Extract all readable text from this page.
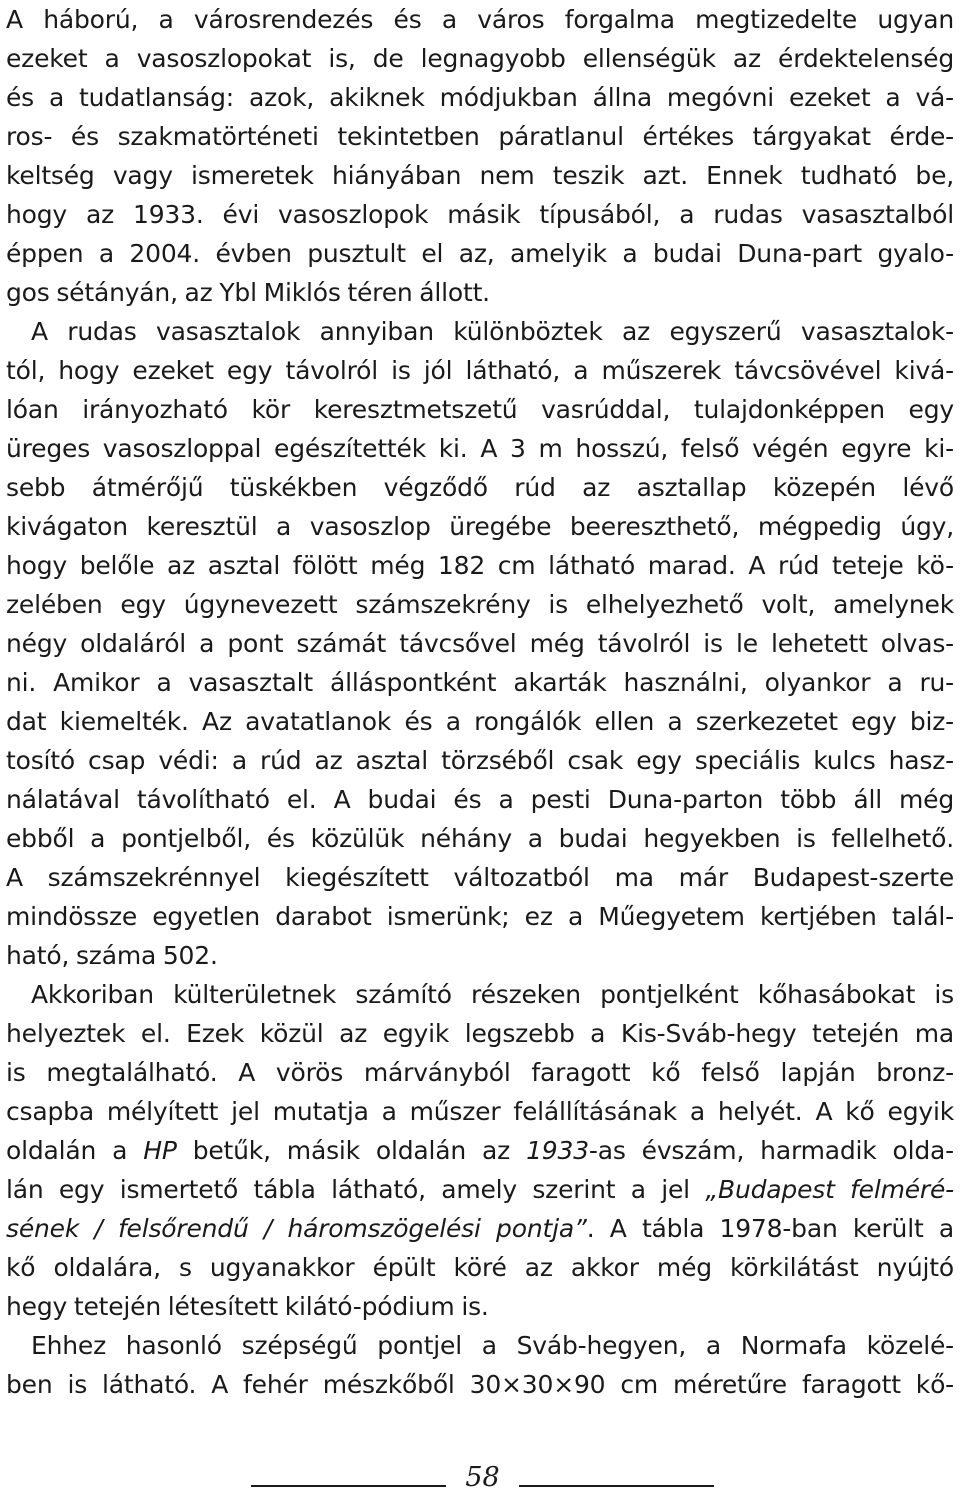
A háború, a városrendezés és a város forgalma megtizedelte ugyan
ezeket a vasoszlopokat is, de legnagyobb ellenségük az érdektelenség
és a tudatlanság: azok, akiknek módjukban állna megóvni ezeket a vá-
ros- és szakmatörténeti tekintetben páratlanul értékes tárgyakat érde-
keltség vagy ismeretek hiányában nem teszik azt. Ennek tudható be,
hogy az 1933. évi vasoszlopok másik típusából, a rudas vasasztalból
éppen a 2004. évben pusztult el az, amelyik a budai Duna-part gyalo-
gos sétányán, az Ybl Miklós téren állott.
A rudas vasasztalok annyiban különböztek az egyszerű vasasztalok-
tól, hogy ezeket egy távolról is jól látható, a műszerek távcsövével kivá-
lóan irányozható kör keresztmetszetű vasrúddal, tulajdonképpen egy
üreges vasoszloppal egészítették ki. A 3 m hosszú, felső végén egyre ki-
sebb átmérőjű tüskékben végződő rúd az asztallap közepén lévő
kivágaton keresztül a vasoszlop üregébe beereszthető, mégpedig úgy,
hogy belőle az asztal fölött még 182 cm látható marad. A rúd teteje kö-
zelében egy úgynevezett számszekrény is elhelyezhető volt, amelynek
négy oldaláról a pont számát távcsővel még távolról is le lehetett olvas-
ni. Amikor a vasasztalt álláspontként akarták használni, olyankor a ru-
dat kiemelték. Az avatatlanok és a rongálók ellen a szerkezetet egy biz-
tosító csap védi: a rúd az asztal törzséből csak egy speciális kulcs hasz-
nálatával távolítható el. A budai és a pesti Duna-parton több áll még
ebből a pontjelből, és közülük néhány a budai hegyekben is fellelhető.
A számszekrénnyel kiegészített változatból ma már Budapest-szerte
mindössze egyetlen darabot ismerünk; ez a Műegyetem kertjében talál-
ható, száma 502.
Akkoriban külterületnek számító részeken pontjelként kőhasábokat is
helyeztek el. Ezek közül az egyik legszebb a Kis-Sváb-hegy tetején ma
is megtalálható. A vörös márványból faragott kő felső lapján bronz-
csapba mélyített jel mutatja a műszer felállításának a helyét. A kő egyik
oldalán a HP betűk, másik oldalán az 1933-as évszám, harmadik olda-
lán egy ismertető tábla látható, amely szerint a jel „Budapest felméré-
sének / felsőrendű / háromszögelési pontja”. A tábla 1978-ban került a
kő oldalára, s ugyanakkor épült köré az akkor még körkilátást nyújtó
hegy tetején létesített kilátó-pódium is.
Ehhez hasonló szépségű pontjel a Sváb-hegyen, a Normafa közelé-
ben is látható. A fehér mészkőből 30×30×90 cm méretűre faragott kő-
58
